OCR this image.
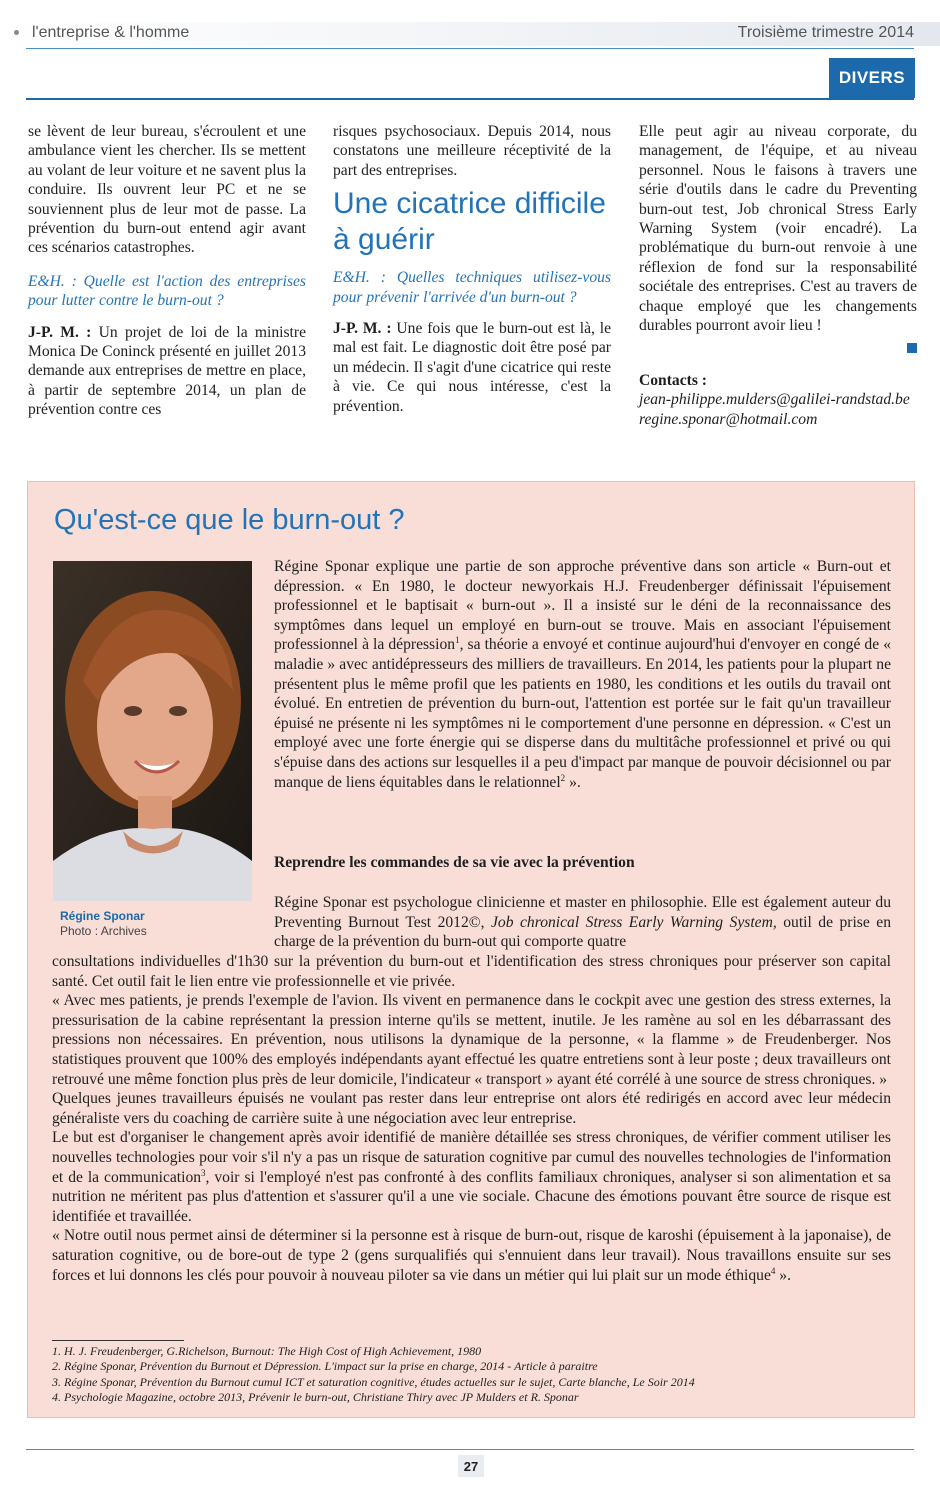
l'entreprise & l'homme	Troisième trimestre 2014
DIVERS

se lèvent de leur bureau, s'écroulent et une ambulance vient les chercher. Ils se mettent au volant de leur voiture et ne savent plus la conduire. Ils ouvrent leur PC et ne se souviennent plus de leur mot de passe. La prévention du burn-out entend agir avant ces scénarios catastrophes.

E&H. : Quelle est l'action des entreprises pour lutter contre le burn-out ?

J-P. M. : Un projet de loi de la ministre Monica De Coninck présenté en juillet 2013 demande aux entreprises de mettre en place, à partir de septembre 2014, un plan de prévention contre ces

risques psychosociaux. Depuis 2014, nous constatons une meilleure réceptivité de la part des entreprises.

Une cicatrice difficile à guérir

E&H. : Quelles techniques utilisez-vous pour prévenir l'arrivée d'un burn-out ?

J-P. M. : Une fois que le burn-out est là, le mal est fait. Le diagnostic doit être posé par un médecin. Il s'agit d'une cicatrice qui reste à vie. Ce qui nous intéresse, c'est la prévention.

Elle peut agir au niveau corporate, du management, de l'équipe, et au niveau personnel. Nous le faisons à travers une série d'outils dans le cadre du Preventing burn-out test, Job chronical Stress Early Warning System (voir encadré). La problématique du burn-out renvoie à une réflexion de fond sur la responsabilité sociétale des entreprises. C'est au travers de chaque employé que les changements durables pourront avoir lieu !

Contacts :

jean-philippe.mulders@galilei-randstad.be

regine.sponar@hotmail.com

Qu'est-ce que le burn-out ?
Régine Sponar
Photo : Archives

Régine Sponar explique une partie de son approche préventive dans son article « Burn-out et dépression. « En 1980, le docteur newyorkais H.J. Freudenberger définissait l'épuisement professionnel et le baptisait « burn-out ». Il a insisté sur le déni de la reconnaissance des symptômes dans lequel un employé en burn-out se trouve. Mais en associant l'épuisement professionnel à la dépression$^1$, sa théorie a envoyé et continue aujourd'hui d'envoyer en congé de « maladie » avec antidépresseurs des milliers de travailleurs. En 2014, les patients pour la plupart ne présentent plus le même profil que les patients en 1980, les conditions et les outils du travail ont évolué. En entretien de prévention du burn-out, l'attention est portée sur le fait qu'un travailleur épuisé ne présente ni les symptômes ni le comportement d'une personne en dépression. « C'est un employé avec une forte énergie qui se disperse dans du multitâche professionnel et privé ou qui s'épuise dans des actions sur lesquelles il a peu d'impact par manque de pouvoir décisionnel ou par manque de liens équitables dans le relationnel$^2$ ».

Reprendre les commandes de sa vie avec la prévention

Régine Sponar est psychologue clinicienne et master en philosophie. Elle est également auteur du Preventing Burnout Test 2012©, Job chronical Stress Early Warning System, outil de prise en charge de la prévention du burn-out qui comporte quatre

consultations individuelles d'1h30 sur la prévention du burn-out et l'identification des stress chroniques pour préserver son capital santé. Cet outil fait le lien entre vie professionnelle et vie privée.

« Avec mes patients, je prends l'exemple de l'avion. Ils vivent en permanence dans le cockpit avec une gestion des stress externes, la pressurisation de la cabine représentant la pression interne qu'ils se mettent, inutile. Je les ramène au sol en les débarrassant des pressions non nécessaires. En prévention, nous utilisons la dynamique de la personne, « la flamme » de Freudenberger. Nos statistiques prouvent que 100% des employés indépendants ayant effectué les quatre entretiens sont à leur poste ; deux travailleurs ont retrouvé une même fonction plus près de leur domicile, l'indicateur « transport » ayant été corrélé à une source de stress chroniques. »

Quelques jeunes travailleurs épuisés ne voulant pas rester dans leur entreprise ont alors été redirigés en accord avec leur médecin généraliste vers du coaching de carrière suite à une négociation avec leur entreprise.

Le but est d'organiser le changement après avoir identifié de manière détaillée ses stress chroniques, de vérifier comment utiliser les nouvelles technologies pour voir s'il n'y a pas un risque de saturation cognitive par cumul des nouvelles technologies de l'information et de la communication$^3$, voir si l'employé n'est pas confronté à des conflits familiaux chroniques, analyser si son alimentation et sa nutrition ne méritent pas plus d'attention et s'assurer qu'il a une vie sociale. Chacune des émotions pouvant être source de risque est identifiée et travaillée.

« Notre outil nous permet ainsi de déterminer si la personne est à risque de burn-out, risque de karoshi (épuisement à la japonaise), de saturation cognitive, ou de bore-out de type 2 (gens surqualifiés qui s'ennuient dans leur travail). Nous travaillons ensuite sur ses forces et lui donnons les clés pour pouvoir à nouveau piloter sa vie dans un métier qui lui plait sur un mode éthique$^4$ ».

1. H. J. Freudenberger, G.Richelson, Burnout: The High Cost of High Achievement, 1980

2. Régine Sponar, Prévention du Burnout et Dépression. L'impact sur la prise en charge, 2014 - Article à paraitre

3. Régine Sponar, Prévention du Burnout cumul ICT et saturation cognitive, études actuelles sur le sujet, Carte blanche, Le Soir 2014

4. Psychologie Magazine, octobre 2013, Prévenir le burn-out, Christiane Thiry avec JP Mulders et R. Sponar

27
